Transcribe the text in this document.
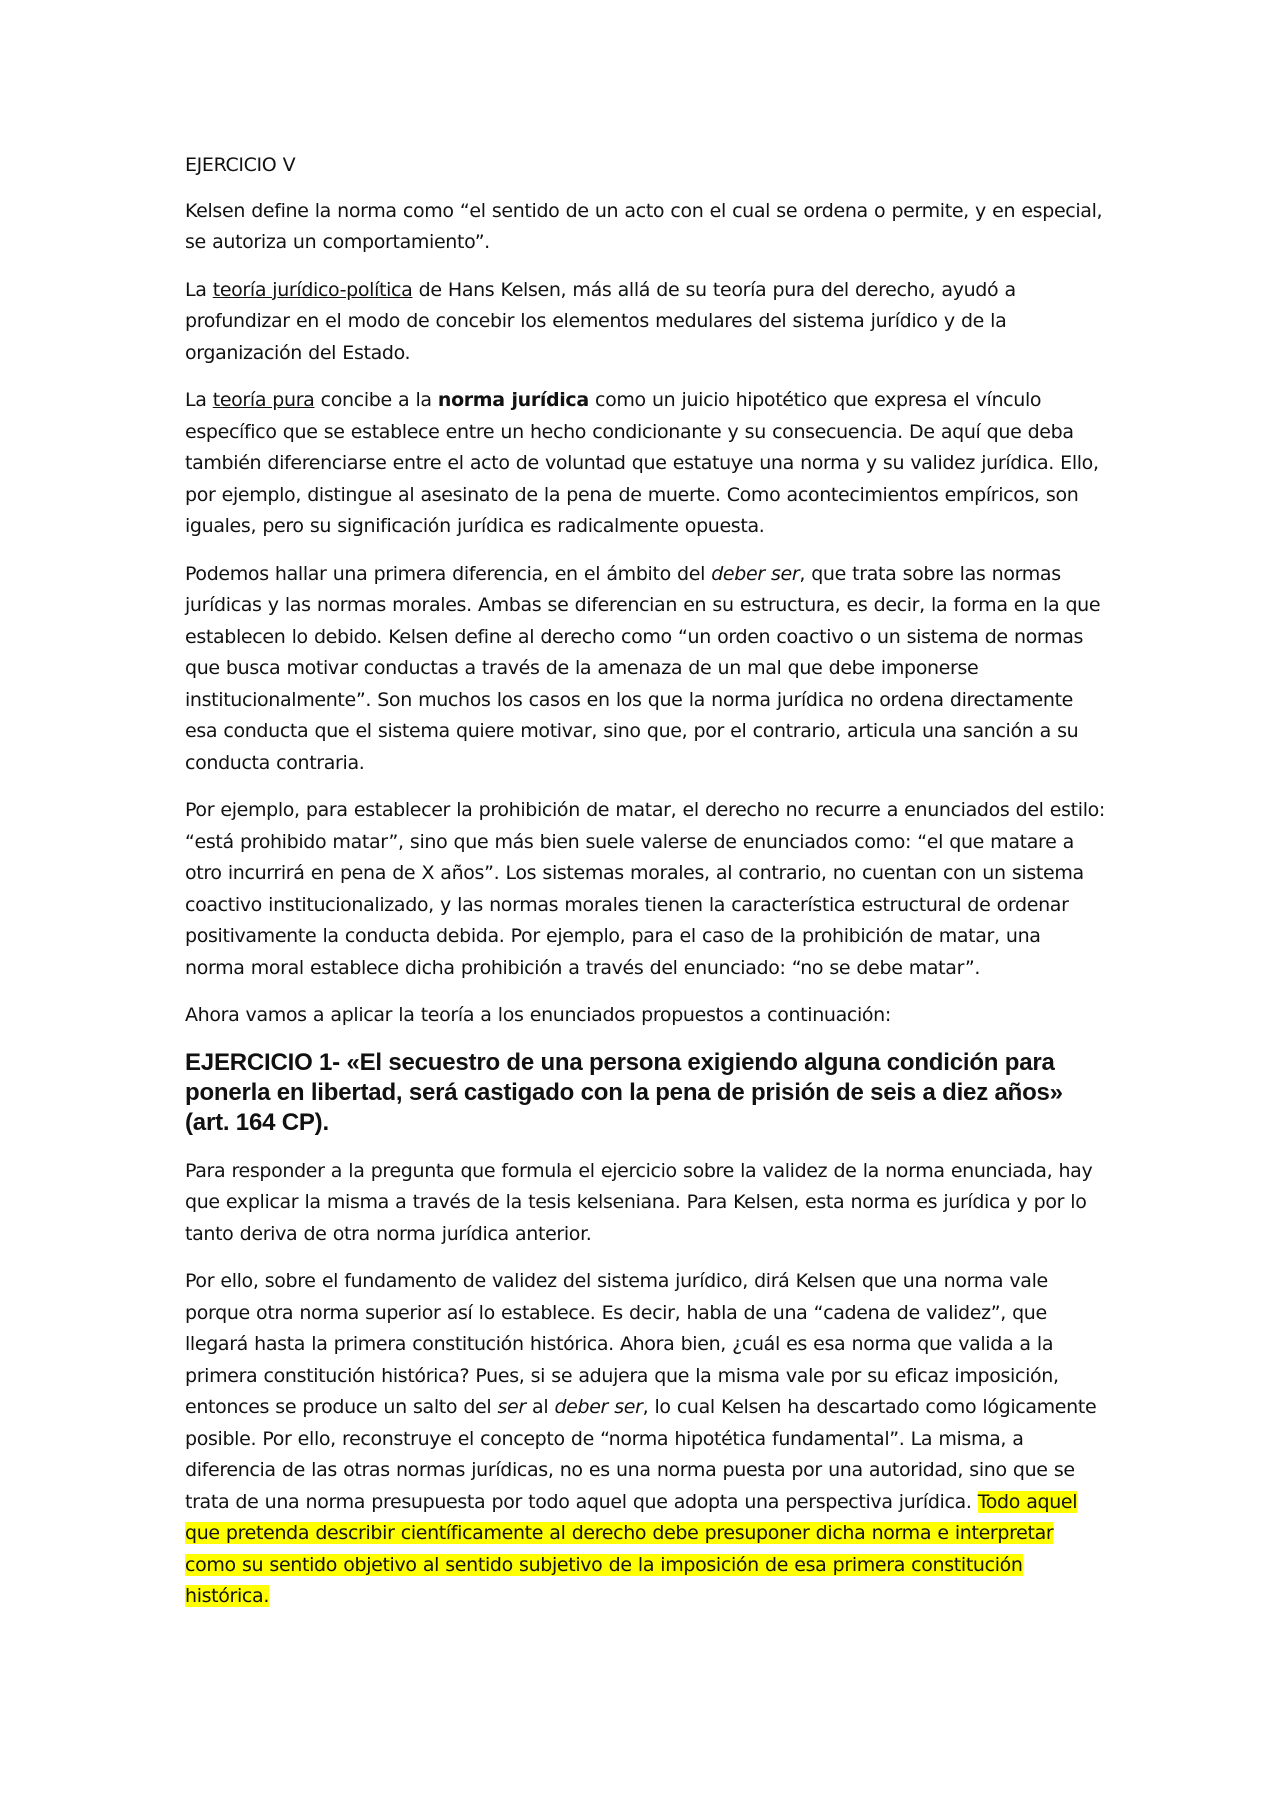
EJERCICIO V

Kelsen define la norma como “el sentido de un acto con el cual se ordena o permite, y en especial, se autoriza un comportamiento”.

La teoría jurídico-política de Hans Kelsen, más allá de su teoría pura del derecho, ayudó a profundizar en el modo de concebir los elementos medulares del sistema jurídico y de la organización del Estado.

La teoría pura concibe a la norma jurídica como un juicio hipotético que expresa el vínculo específico que se establece entre un hecho condicionante y su consecuencia. De aquí que deba también diferenciarse entre el acto de voluntad que estatuye una norma y su validez jurídica. Ello, por ejemplo, distingue al asesinato de la pena de muerte. Como acontecimientos empíricos, son iguales, pero su significación jurídica es radicalmente opuesta.

Podemos hallar una primera diferencia, en el ámbito del deber ser, que trata sobre las normas jurídicas y las normas morales. Ambas se diferencian en su estructura, es decir, la forma en la que establecen lo debido. Kelsen define al derecho como “un orden coactivo o un sistema de normas que busca motivar conductas a través de la amenaza de un mal que debe imponerse institucionalmente”. Son muchos los casos en los que la norma jurídica no ordena directamente esa conducta que el sistema quiere motivar, sino que, por el contrario, articula una sanción a su conducta contraria.

Por ejemplo, para establecer la prohibición de matar, el derecho no recurre a enunciados del estilo: “está prohibido matar”, sino que más bien suele valerse de enunciados como: “el que matare a otro incurrirá en pena de X años”. Los sistemas morales, al contrario, no cuentan con un sistema coactivo institucionalizado, y las normas morales tienen la característica estructural de ordenar positivamente la conducta debida. Por ejemplo, para el caso de la prohibición de matar, una norma moral establece dicha prohibición a través del enunciado: “no se debe matar”.

Ahora vamos a aplicar la teoría a los enunciados propuestos a continuación:

EJERCICIO 1- «El secuestro de una persona exigiendo alguna condición para ponerla en libertad, será castigado con la pena de prisión de seis a diez años» (art. 164 CP).

Para responder a la pregunta que formula el ejercicio sobre la validez de la norma enunciada, hay que explicar la misma a través de la tesis kelseniana. Para Kelsen, esta norma es jurídica y por lo tanto deriva de otra norma jurídica anterior.

Por ello, sobre el fundamento de validez del sistema jurídico, dirá Kelsen que una norma vale porque otra norma superior así lo establece. Es decir, habla de una “cadena de validez”, que llegará hasta la primera constitución histórica. Ahora bien, ¿cuál es esa norma que valida a la primera constitución histórica? Pues, si se adujera que la misma vale por su eficaz imposición, entonces se produce un salto del ser al deber ser, lo cual Kelsen ha descartado como lógicamente posible. Por ello, reconstruye el concepto de “norma hipotética fundamental”. La misma, a diferencia de las otras normas jurídicas, no es una norma puesta por una autoridad, sino que se trata de una norma presupuesta por todo aquel que adopta una perspectiva jurídica. Todo aquel que pretenda describir científicamente al derecho debe presuponer dicha norma e interpretar como su sentido objetivo al sentido subjetivo de la imposición de esa primera constitución histórica.
